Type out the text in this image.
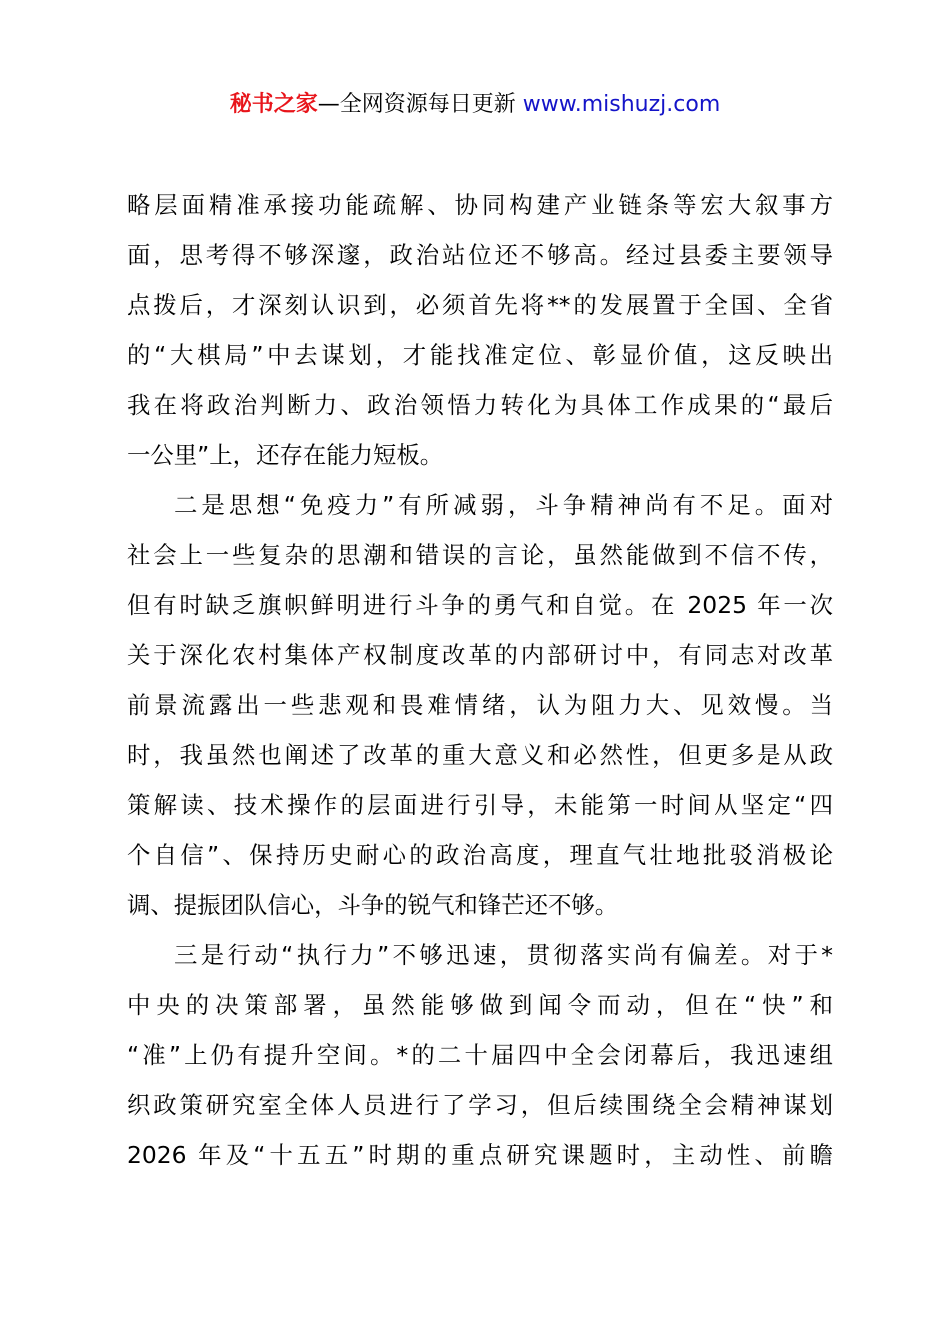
秘书之家—全网资源每日更新 www.mishuzj.com
略层面精准承接功能疏解、协同构建产业链条等宏大叙事方
面，思考得不够深邃，政治站位还不够高。经过县委主要领导
点拨后，才深刻认识到，必须首先将**的发展置于全国、全省
的“大棋局”中去谋划，才能找准定位、彰显价值，这反映出
我在将政治判断力、政治领悟力转化为具体工作成果的“最后
一公里”上，还存在能力短板。
二是思想“免疫力”有所减弱，斗争精神尚有不足。面对
社会上一些复杂的思潮和错误的言论，虽然能做到不信不传，
但有时缺乏旗帜鲜明进行斗争的勇气和自觉。在 2025 年一次
关于深化农村集体产权制度改革的内部研讨中，有同志对改革
前景流露出一些悲观和畏难情绪，认为阻力大、见效慢。当
时，我虽然也阐述了改革的重大意义和必然性，但更多是从政
策解读、技术操作的层面进行引导，未能第一时间从坚定“四
个自信”、保持历史耐心的政治高度，理直气壮地批驳消极论
调、提振团队信心，斗争的锐气和锋芒还不够。
三是行动“执行力”不够迅速，贯彻落实尚有偏差。对于*
中央的决策部署，虽然能够做到闻令而动，但在“快”和
“准”上仍有提升空间。*的二十届四中全会闭幕后，我迅速组
织政策研究室全体人员进行了学习，但后续围绕全会精神谋划
2026 年及“十五五”时期的重点研究课题时，主动性、前瞻
